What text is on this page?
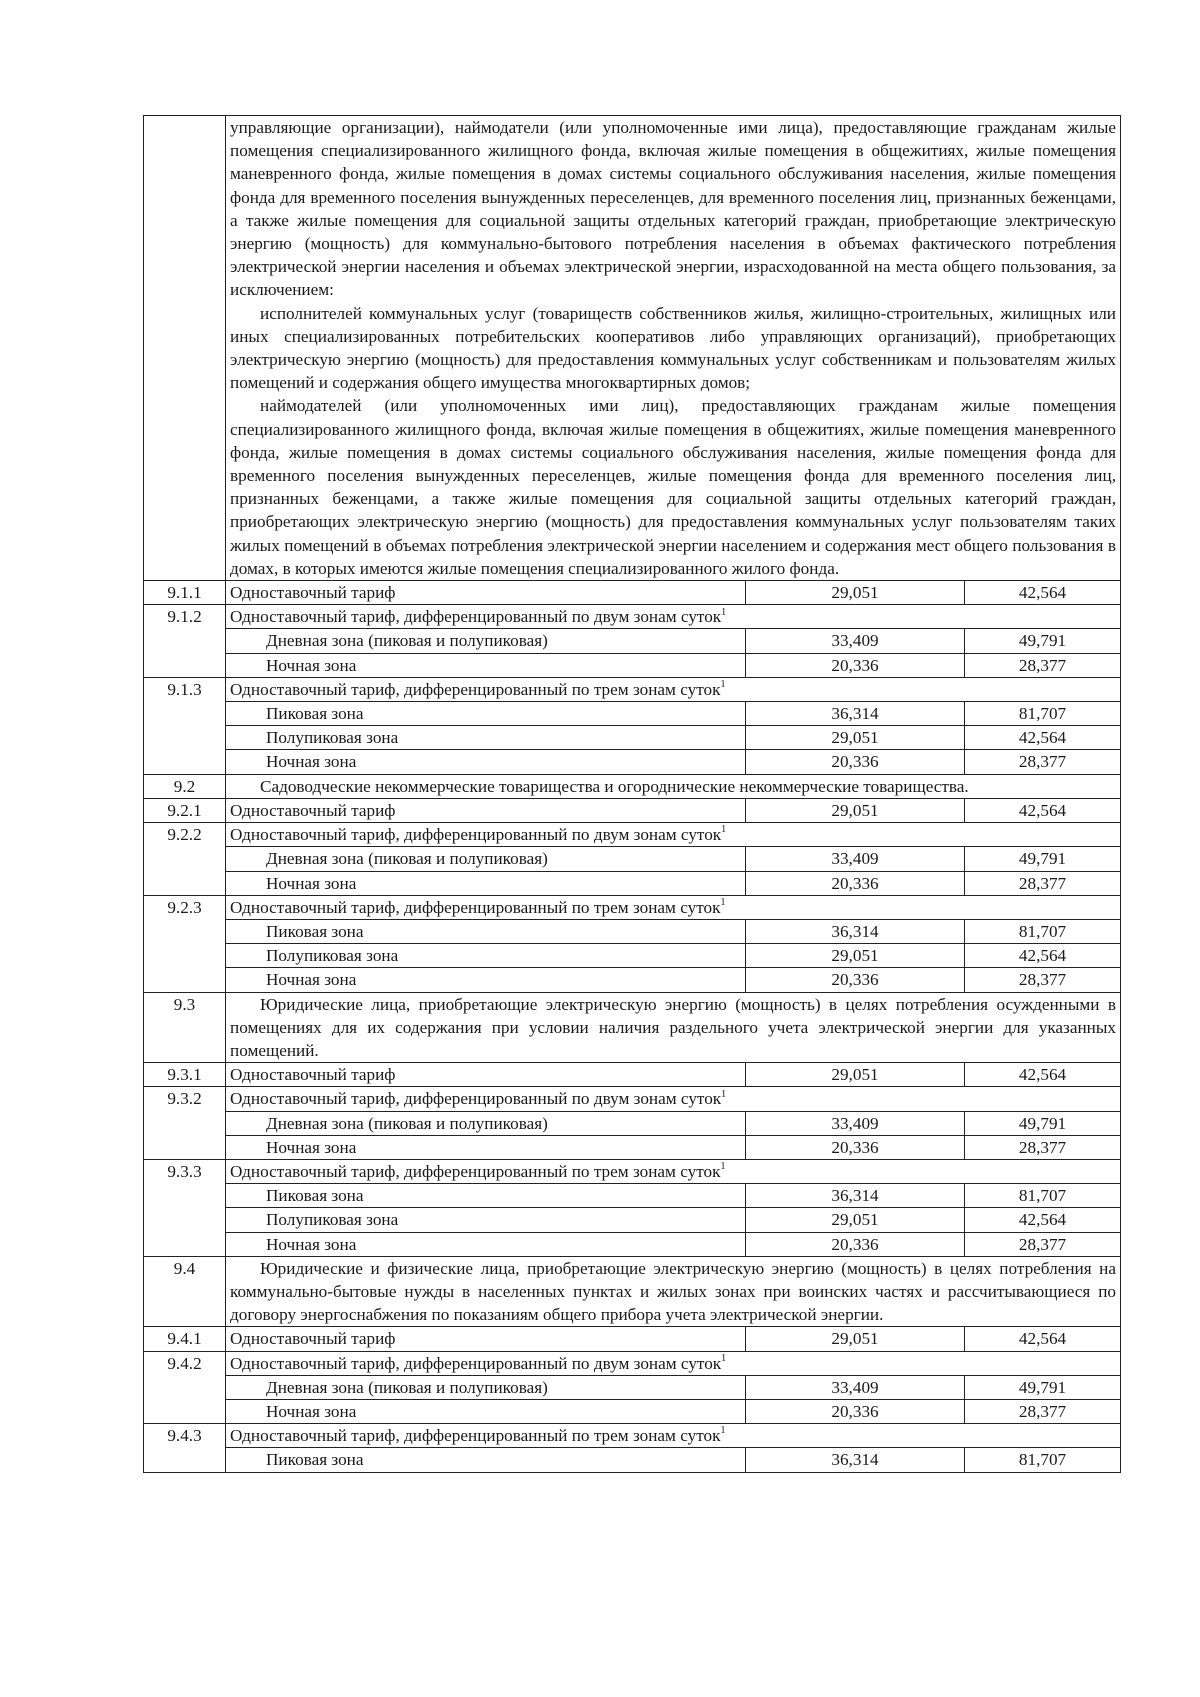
	управляющие организации), наймодатели (или уполномоченные ими лица), предоставляющие гражданам жилые помещения специализированного жилищного фонда, включая жилые помещения в общежитиях, жилые помещения маневренного фонда, жилые помещения в домах системы социального обслуживания населения, жилые помещения фонда для временного поселения вынужденных переселенцев, для временного поселения лиц, признанных беженцами, а также жилые помещения для социальной защиты отдельных категорий граждан, приобретающие электрическую энергию (мощность) для коммунально-бытового потребления населения в объемах фактического потребления электрической энергии населения и объемах электрической энергии, израсходованной на места общего пользования, за исключением:

исполнителей коммунальных услуг (товариществ собственников жилья, жилищно-строительных, жилищных или иных специализированных потребительских кооперативов либо управляющих организаций), приобретающих электрическую энергию (мощность) для предоставления коммунальных услуг собственникам и пользователям жилых помещений и содержания общего имущества многоквартирных домов;

наймодателей (или уполномоченных ими лиц), предоставляющих гражданам жилые помещения специализированного жилищного фонда, включая жилые помещения в общежитиях, жилые помещения маневренного фонда, жилые помещения в домах системы социального обслуживания населения, жилые помещения фонда для временного поселения вынужденных переселенцев, жилые помещения фонда для временного поселения лиц, признанных беженцами, а также жилые помещения для социальной защиты отдельных категорий граждан, приобретающих электрическую энергию (мощность) для предоставления коммунальных услуг пользователям таких жилых помещений в объемах потребления электрической энергии населением и содержания мест общего пользования в домах, в которых имеются жилые помещения специализированного жилого фонда.		

9.1.1	Одноставочный тариф	29,051	42,564
9.1.2	Одноставочный тариф, дифференцированный по двум зонам суток$^1$
	Дневная зона (пиковая и полупиковая)	33,409	49,791
	Ночная зона	20,336	28,377
9.1.3	Одноставочный тариф, дифференцированный по трем зонам суток$^1$
	Пиковая зона	36,314	81,707
	Полупиковая зона	29,051	42,564
	Ночная зона	20,336	28,377
9.2	Садоводческие некоммерческие товарищества и огороднические некоммерческие товарищества.		
9.2.1	Одноставочный тариф	29,051	42,564
9.2.2	Одноставочный тариф, дифференцированный по двум зонам суток$^1$
	Дневная зона (пиковая и полупиковая)	33,409	49,791
	Ночная зона	20,336	28,377
9.2.3	Одноставочный тариф, дифференцированный по трем зонам суток$^1$
	Пиковая зона	36,314	81,707
	Полупиковая зона	29,051	42,564
	Ночная зона	20,336	28,377
9.3	Юридические лица, приобретающие электрическую энергию (мощность) в целях потребления осужденными в помещениях для их содержания при условии наличия раздельного учета электрической энергии для указанных помещений.		
9.3.1	Одноставочный тариф	29,051	42,564
9.3.2	Одноставочный тариф, дифференцированный по двум зонам суток$^1$
	Дневная зона (пиковая и полупиковая)	33,409	49,791
	Ночная зона	20,336	28,377
9.3.3	Одноставочный тариф, дифференцированный по трем зонам суток$^1$
	Пиковая зона	36,314	81,707
	Полупиковая зона	29,051	42,564
	Ночная зона	20,336	28,377
9.4	Юридические и физические лица, приобретающие электрическую энергию (мощность) в целях потребления на коммунально-бытовые нужды в населенных пунктах и жилых зонах при воинских частях и рассчитывающиеся по договору энергоснабжения по показаниям общего прибора учета электрической энергии.		
9.4.1	Одноставочный тариф	29,051	42,564
9.4.2	Одноставочный тариф, дифференцированный по двум зонам суток$^1$
	Дневная зона (пиковая и полупиковая)	33,409	49,791
	Ночная зона	20,336	28,377
9.4.3	Одноставочный тариф, дифференцированный по трем зонам суток$^1$
	Пиковая зона	36,314	81,707
